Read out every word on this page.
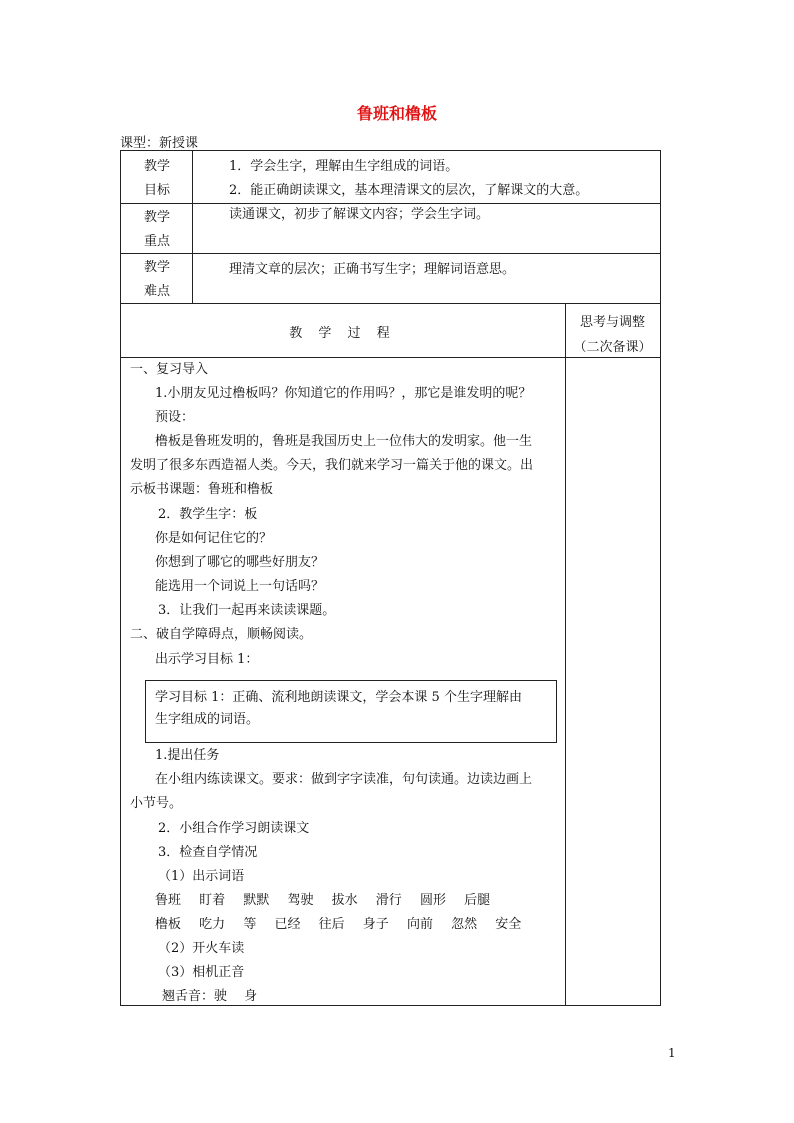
鲁班和橹板
课型：新授课
教学
目标
1．学会生字，理解由生字组成的词语。
2．能正确朗读课文，基本理清课文的层次，了解课文的大意。
教学
重点
读通课文，初步了解课文内容；学会生字词。
教学
难点
理清文章的层次；正确书写生字；理解词语意思。
教 学 过 程
思考与调整
（二次备课）
一、复习导入
1.小朋友见过橹板吗？你知道它的作用吗？，那它是谁发明的呢？
预设：
橹板是鲁班发明的，鲁班是我国历史上一位伟大的发明家。他一生
发明了很多东西造福人类。今天，我们就来学习一篇关于他的课文。出
示板书课题：鲁班和橹板
2．教学生字：板
你是如何记住它的？
你想到了哪它的哪些好朋友？
能选用一个词说上一句话吗？
3．让我们一起再来读读课题。
二、破自学障碍点，顺畅阅读。
出示学习目标 1：
学习目标 1：正确、流利地朗读课文，学会本课 5 个生字理解由
生字组成的词语。
1.提出任务
在小组内练读课文。要求：做到字字读准，句句读通。边读边画上
小节号。
2．小组合作学习朗读课文
3．检查自学情况
（1）出示词语
鲁班 盯着 默默 驾驶 拔水 滑行 圆形 后腿
橹板 吃力 等 已经 往后 身子 向前 忽然 安全
（2）开火车读
（3）相机正音
翘舌音：驶　 身
1
